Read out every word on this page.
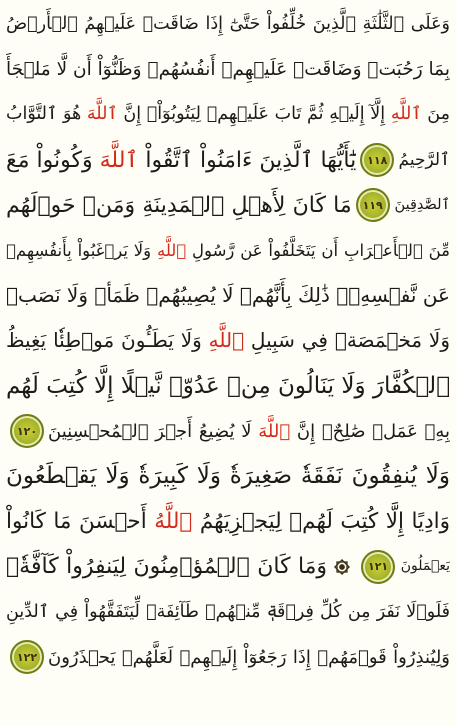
وَعَلَى ٱلثَّلَٰثَةِ ٱلَّذِينَ خُلِّفُواْ حَتَّىٰٓ إِذَا ضَاقَتۡ عَلَيۡهِمُ ٱلۡأَرۡضُ
بِمَا رَحُبَتۡ وَضَاقَتۡ عَلَيۡهِمۡ أَنفُسُهُمۡ وَظَنُّوٓاْ أَن لَّا مَلۡجَأَ
مِنَ ٱللَّهِ إِلَّآ إِلَيۡهِ ثُمَّ تَابَ عَلَيۡهِمۡ لِيَتُوبُوٓاْۚ إِنَّ ٱللَّهَ هُوَ ٱلتَّوَّابُ
ٱلرَّحِيمُ
١١٨
يَٰٓأَيُّهَا ٱلَّذِينَ ءَامَنُواْ ٱتَّقُواْ ٱللَّهَ وَكُونُواْ مَعَ
ٱلصَّٰدِقِينَ
١١٩
مَا كَانَ لِأَهۡلِ ٱلۡمَدِينَةِ وَمَنۡ حَوۡلَهُم
مِّنَ ٱلۡأَعۡرَابِ أَن يَتَخَلَّفُواْ عَن رَّسُولِ ٱللَّهِ وَلَا يَرۡغَبُواْ بِأَنفُسِهِمۡ
عَن نَّفۡسِهِۦۚ ذَٰلِكَ بِأَنَّهُمۡ لَا يُصِيبُهُمۡ ظَمَأٞ وَلَا نَصَبٞ
وَلَا مَخۡمَصَةٞ فِي سَبِيلِ ٱللَّهِ وَلَا يَطَـُٔونَ مَوۡطِئٗا يَغِيظُ
ٱلۡكُفَّارَ وَلَا يَنَالُونَ مِنۡ عَدُوّٖ نَّيۡلًا إِلَّا كُتِبَ لَهُم
بِهِۦ عَمَلٞ صَٰلِحٌۚ إِنَّ ٱللَّهَ لَا يُضِيعُ أَجۡرَ ٱلۡمُحۡسِنِينَ
١٢٠
وَلَا يُنفِقُونَ نَفَقَةٗ صَغِيرَةٗ وَلَا كَبِيرَةٗ وَلَا يَقۡطَعُونَ
وَادِيًا إِلَّا كُتِبَ لَهُمۡ لِيَجۡزِيَهُمُ ٱللَّهُ أَحۡسَنَ مَا كَانُواْ
يَعۡمَلُونَ
١٢١
وَمَا كَانَ ٱلۡمُؤۡمِنُونَ لِيَنفِرُواْ كَآفَّةٗۚ
فَلَوۡلَا نَفَرَ مِن كُلِّ فِرۡقَةٖ مِّنۡهُمۡ طَآئِفَةٞ لِّيَتَفَقَّهُواْ فِي ٱلدِّينِ
وَلِيُنذِرُواْ قَوۡمَهُمۡ إِذَا رَجَعُوٓاْ إِلَيۡهِمۡ لَعَلَّهُمۡ يَحۡذَرُونَ
١٢٢
